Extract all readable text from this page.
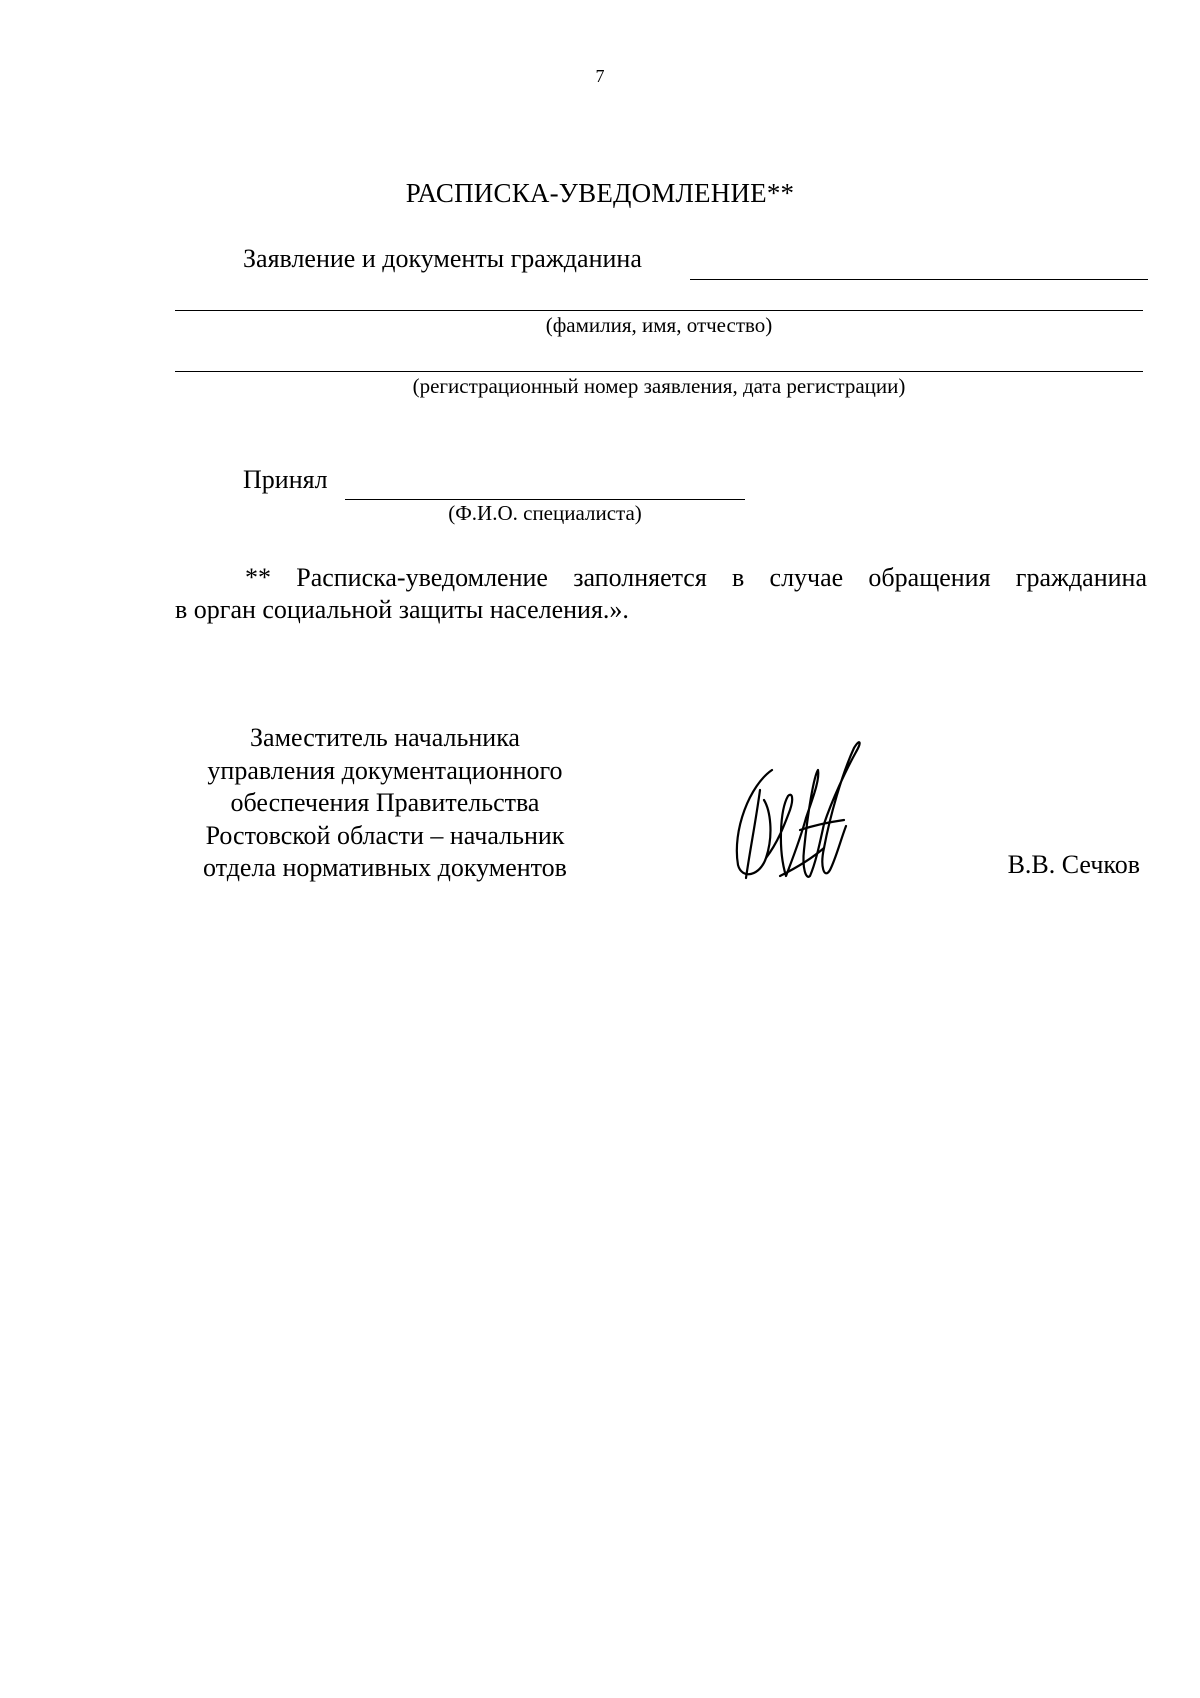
7
РАСПИСКА-УВЕДОМЛЕНИЕ**
Заявление и документы гражданина
(фамилия, имя, отчество)
(регистрационный номер заявления, дата регистрации)
Принял
(Ф.И.О. специалиста)
** Расписка-уведомление заполняется в случае обращения гражданина
в орган социальной защиты населения.».
Заместитель начальника
управления документационного
обеспечения Правительства
Ростовской области – начальник
отдела нормативных документов	В.В. Сечков
